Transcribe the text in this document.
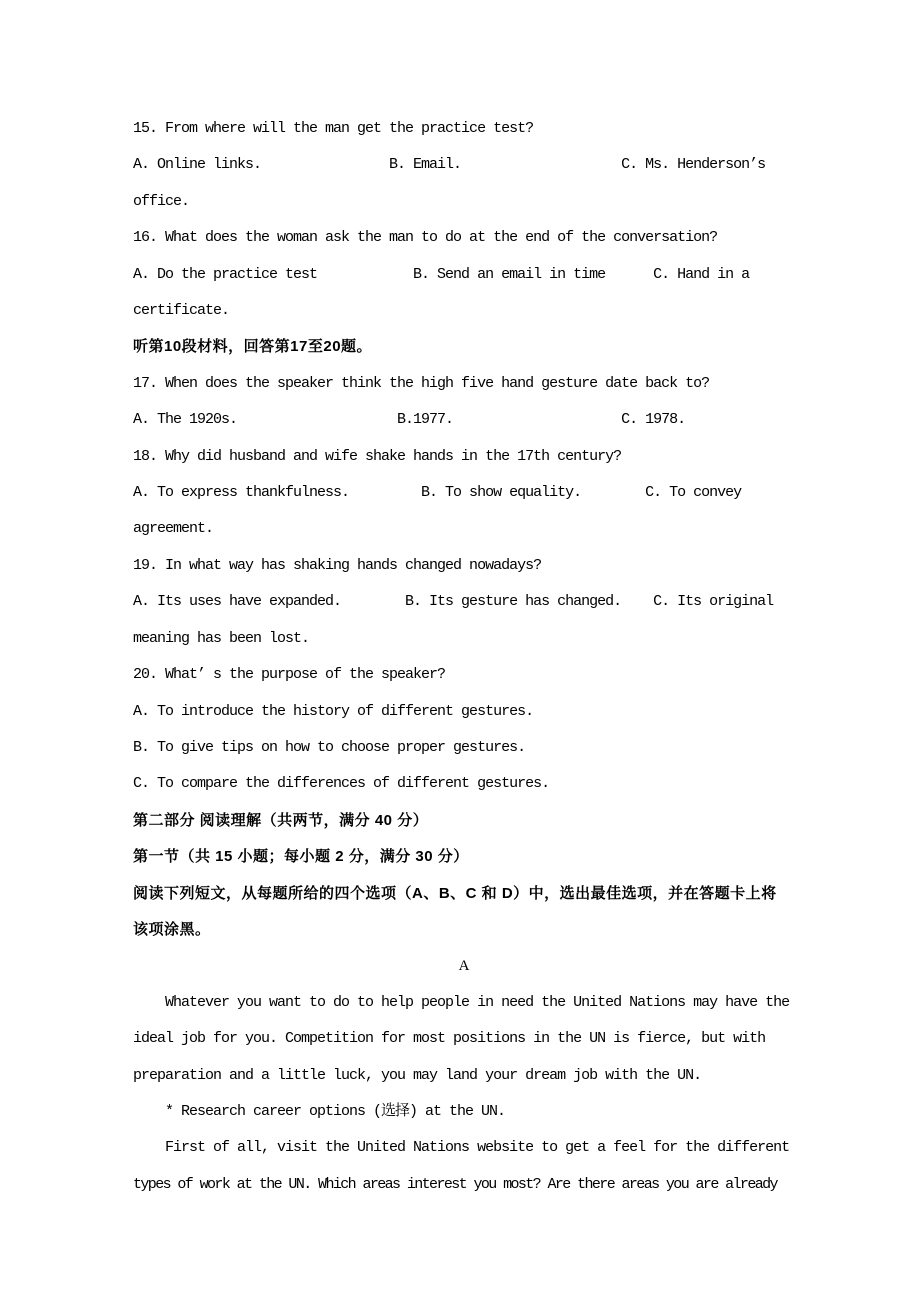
15. From where will the man get the practice test?
A. Online links.                B. Email.                    C. Ms. Henderson’s
office.
16. What does the woman ask the man to do at the end of the conversation?
A. Do the practice test            B. Send an email in time      C. Hand in a
certificate.
听第10段材料，回答第17至20题。
17. When does the speaker think the high five hand gesture date back to?
A. The 1920s.                    B.1977.                     C. 1978.
18. Why did husband and wife shake hands in the 17th century?
A. To express thankfulness.         B. To show equality.        C. To convey
agreement.
19. In what way has shaking hands changed nowadays?
A. Its uses have expanded.        B. Its gesture has changed.    C. Its original
meaning has been lost.
20. What’ s the purpose of the speaker?
A. To introduce the history of different gestures.
B. To give tips on how to choose proper gestures.
C. To compare the differences of different gestures.
第二部分 阅读理解（共两节，满分 40 分）
第一节（共 15 小题；每小题 2 分，满分 30 分）
阅读下列短文，从每题所给的四个选项（A、B、C 和 D）中，选出最佳选项，并在答题卡上将
该项涂黑。
A
Whatever you want to do to help people in need the United Nations may have the
ideal job for you. Competition for most positions in the UN is fierce, but with
preparation and a little luck, you may land your dream job with the UN.
* Research career options (选择) at the UN.
First of all, visit the United Nations website to get a feel for the different
types of work at the UN. Which areas interest you most? Are there areas you are already
